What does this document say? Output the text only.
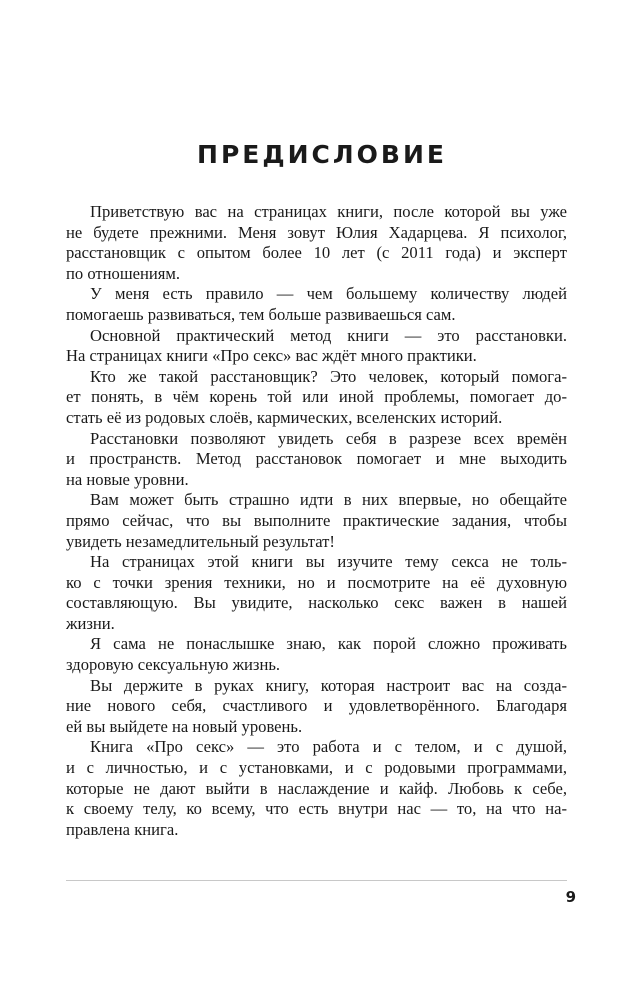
ПРЕДИСЛОВИЕ

Приветствую вас на страницах книги, после которой вы уже
не будете прежними. Меня зовут Юлия Хадарцева. Я психолог,
расстановщик с опытом более 10 лет (с 2011 года) и эксперт
по отношениям.

У меня есть правило — чем большему количеству людей
помогаешь развиваться, тем больше развиваешься сам.

Основной практический метод книги — это расстановки.
На страницах книги «Про секс» вас ждёт много практики.

Кто же такой расстановщик? Это человек, который помога-
ет понять, в чём корень той или иной проблемы, помогает до-
стать её из родовых слоёв, кармических, вселенских историй.

Расстановки позволяют увидеть себя в разрезе всех времён
и пространств. Метод расстановок помогает и мне выходить
на новые уровни.

Вам может быть страшно идти в них впервые, но обещайте
прямо сейчас, что вы выполните практические задания, чтобы
увидеть незамедлительный результат!

На страницах этой книги вы изучите тему секса не толь-
ко с точки зрения техники, но и посмотрите на её духовную
составляющую. Вы увидите, насколько секс важен в нашей
жизни.

Я сама не понаслышке знаю, как порой сложно проживать
здоровую сексуальную жизнь.

Вы держите в руках книгу, которая настроит вас на созда-
ние нового себя, счастливого и удовлетворённого. Благодаря
ей вы выйдете на новый уровень.

Книга «Про секс» — это работа и с телом, и с душой,
и с личностью, и с установками, и с родовыми программами,
которые не дают выйти в наслаждение и кайф. Любовь к себе,
к своему телу, ко всему, что есть внутри нас — то, на что на-
правлена книга.

9
